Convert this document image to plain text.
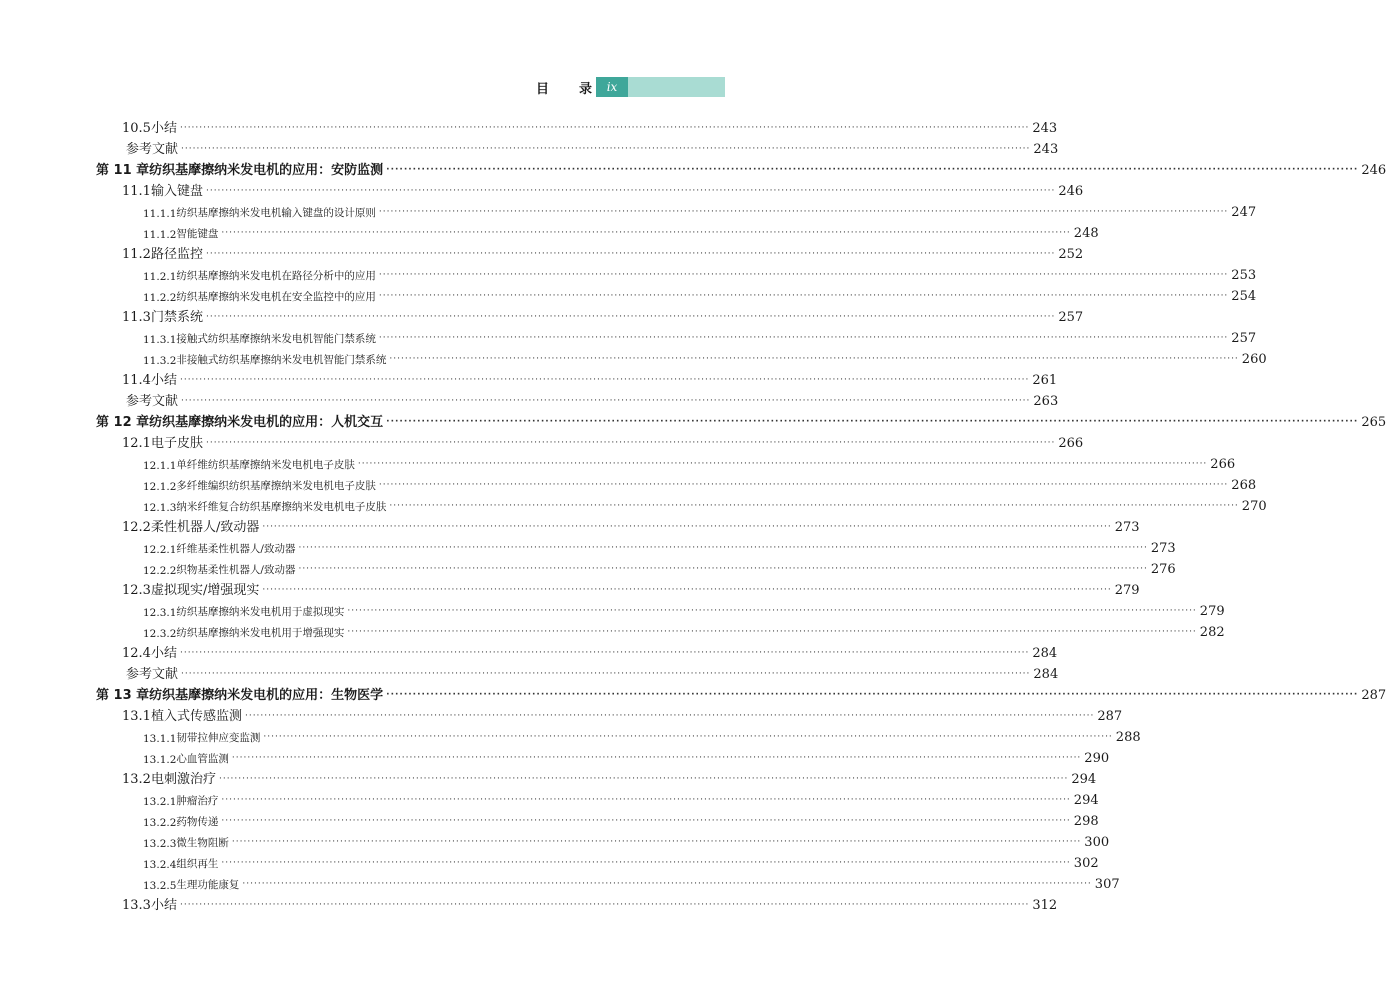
目 录	ix
10.5 小结 ···························································································································································································································· 243
参考文献 ···························································································································································································································· 243
第 11 章 纺织基摩擦纳米发电机的应用：安防监测 ···························································································································································································································· 246
11.1 输入键盘 ···························································································································································································································· 246
11.1.1 纺织基摩擦纳米发电机输入键盘的设计原则 ···························································································································································································································· 247
11.1.2 智能键盘 ···························································································································································································································· 248
11.2 路径监控 ···························································································································································································································· 252
11.2.1 纺织基摩擦纳米发电机在路径分析中的应用 ···························································································································································································································· 253
11.2.2 纺织基摩擦纳米发电机在安全监控中的应用 ···························································································································································································································· 254
11.3 门禁系统 ···························································································································································································································· 257
11.3.1 接触式纺织基摩擦纳米发电机智能门禁系统 ···························································································································································································································· 257
11.3.2 非接触式纺织基摩擦纳米发电机智能门禁系统 ···························································································································································································································· 260
11.4 小结 ···························································································································································································································· 261
参考文献 ···························································································································································································································· 263
第 12 章 纺织基摩擦纳米发电机的应用：人机交互 ···························································································································································································································· 265
12.1 电子皮肤 ···························································································································································································································· 266
12.1.1 单纤维纺织基摩擦纳米发电机电子皮肤 ···························································································································································································································· 266
12.1.2 多纤维编织纺织基摩擦纳米发电机电子皮肤 ···························································································································································································································· 268
12.1.3 纳米纤维复合纺织基摩擦纳米发电机电子皮肤 ···························································································································································································································· 270
12.2 柔性机器人/致动器 ···························································································································································································································· 273
12.2.1 纤维基柔性机器人/致动器 ···························································································································································································································· 273
12.2.2 织物基柔性机器人/致动器 ···························································································································································································································· 276
12.3 虚拟现实/增强现实 ···························································································································································································································· 279
12.3.1 纺织基摩擦纳米发电机用于虚拟现实 ···························································································································································································································· 279
12.3.2 纺织基摩擦纳米发电机用于增强现实 ···························································································································································································································· 282
12.4 小结 ···························································································································································································································· 284
参考文献 ···························································································································································································································· 284
第 13 章 纺织基摩擦纳米发电机的应用：生物医学 ···························································································································································································································· 287
13.1 植入式传感监测 ···························································································································································································································· 287
13.1.1 韧带拉伸应变监测 ···························································································································································································································· 288
13.1.2 心血管监测 ···························································································································································································································· 290
13.2 电刺激治疗 ···························································································································································································································· 294
13.2.1 肿瘤治疗 ···························································································································································································································· 294
13.2.2 药物传递 ···························································································································································································································· 298
13.2.3 微生物阻断 ···························································································································································································································· 300
13.2.4 组织再生 ···························································································································································································································· 302
13.2.5 生理功能康复 ···························································································································································································································· 307
13.3 小结 ···························································································································································································································· 312
